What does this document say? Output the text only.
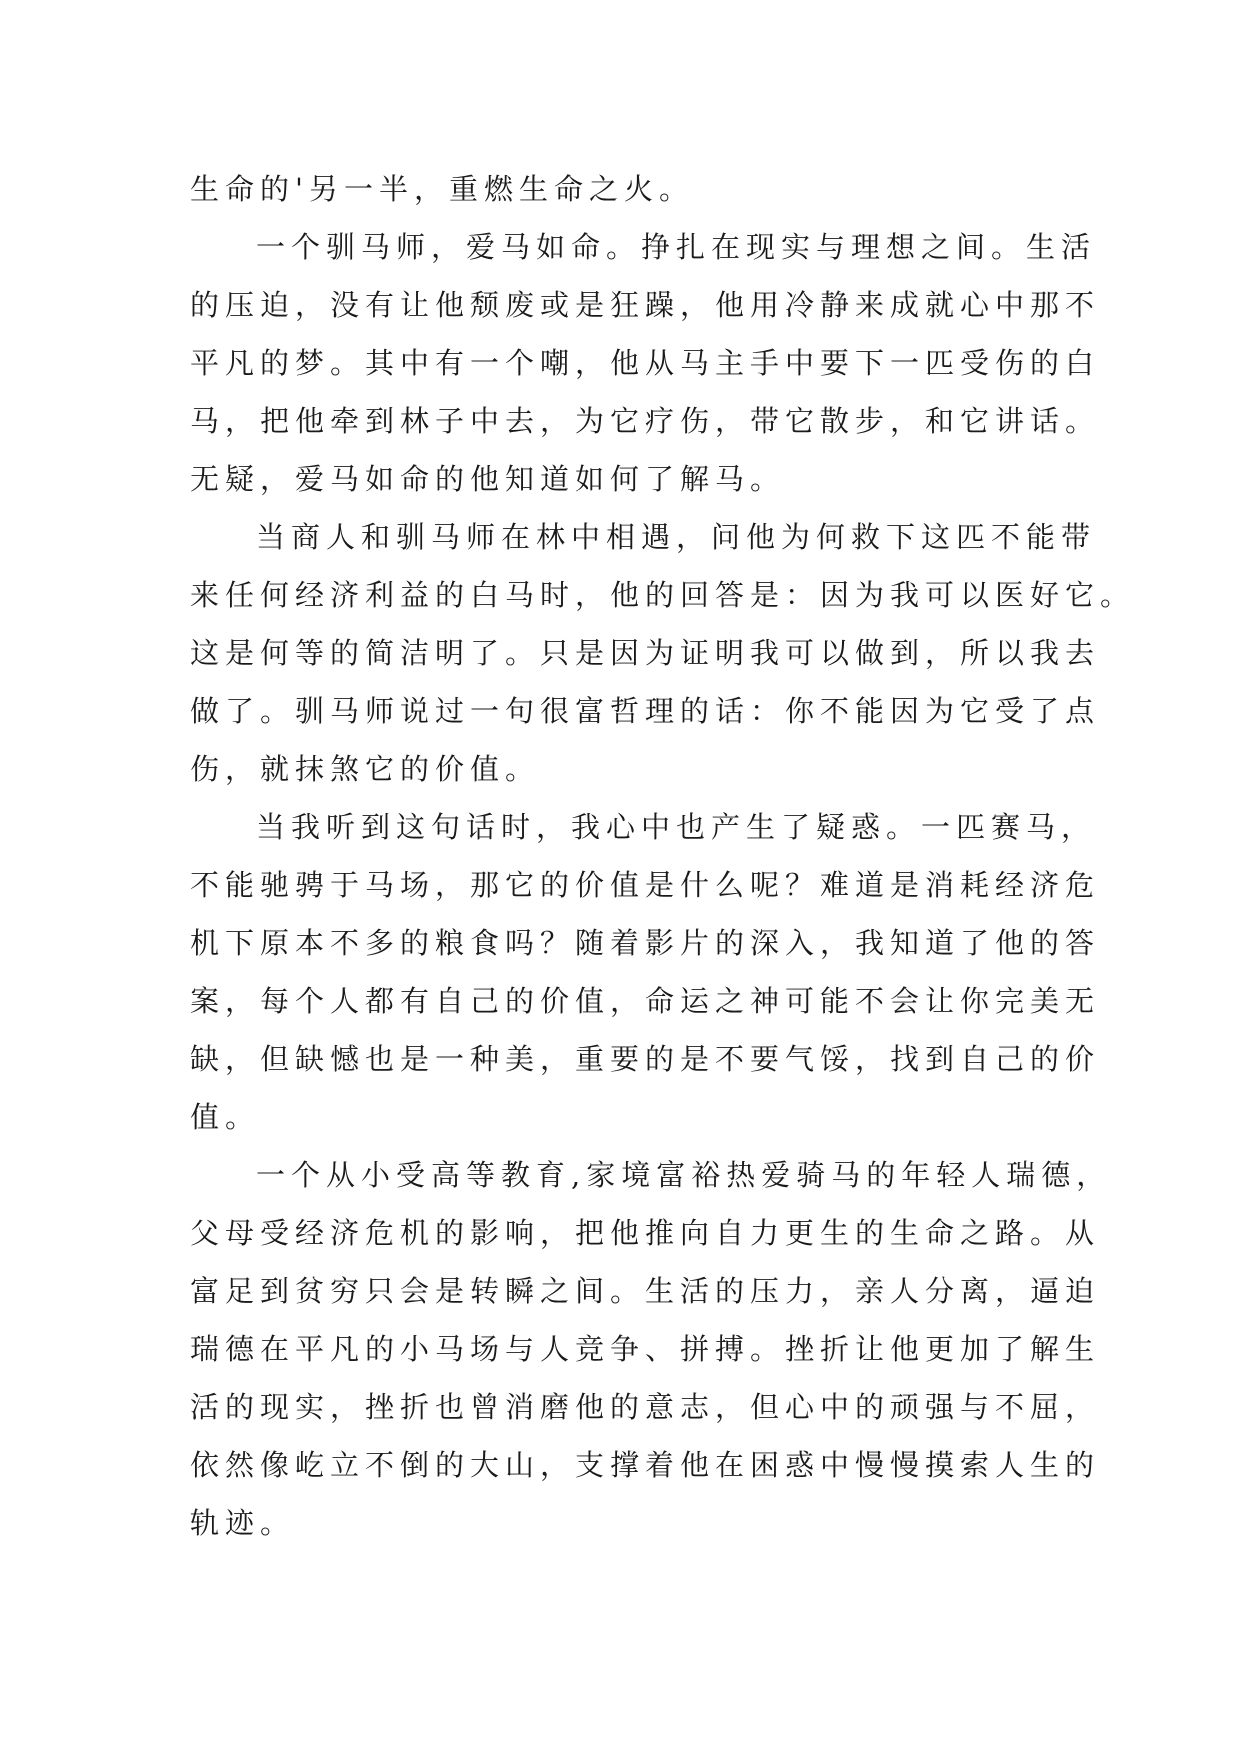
生命的'另一半，重燃生命之火。
一个驯马师，爱马如命。挣扎在现实与理想之间。生活
的压迫，没有让他颓废或是狂躁，他用冷静来成就心中那不
平凡的梦。其中有一个嘲，他从马主手中要下一匹受伤的白
马，把他牵到林子中去，为它疗伤，带它散步，和它讲话。
无疑，爱马如命的他知道如何了解马。
当商人和驯马师在林中相遇，问他为何救下这匹不能带
来任何经济利益的白马时，他的回答是：因为我可以医好它。
这是何等的简洁明了。只是因为证明我可以做到，所以我去
做了。驯马师说过一句很富哲理的话：你不能因为它受了点
伤，就抹煞它的价值。
当我听到这句话时，我心中也产生了疑惑。一匹赛马，
不能驰骋于马场，那它的价值是什么呢？难道是消耗经济危
机下原本不多的粮食吗？随着影片的深入，我知道了他的答
案，每个人都有自己的价值，命运之神可能不会让你完美无
缺，但缺憾也是一种美，重要的是不要气馁，找到自己的价
值。
一个从小受高等教育,家境富裕热爱骑马的年轻人瑞德，
父母受经济危机的影响，把他推向自力更生的生命之路。从
富足到贫穷只会是转瞬之间。生活的压力，亲人分离，逼迫
瑞德在平凡的小马场与人竞争、拼搏。挫折让他更加了解生
活的现实，挫折也曾消磨他的意志，但心中的顽强与不屈，
依然像屹立不倒的大山，支撑着他在困惑中慢慢摸索人生的
轨迹。
